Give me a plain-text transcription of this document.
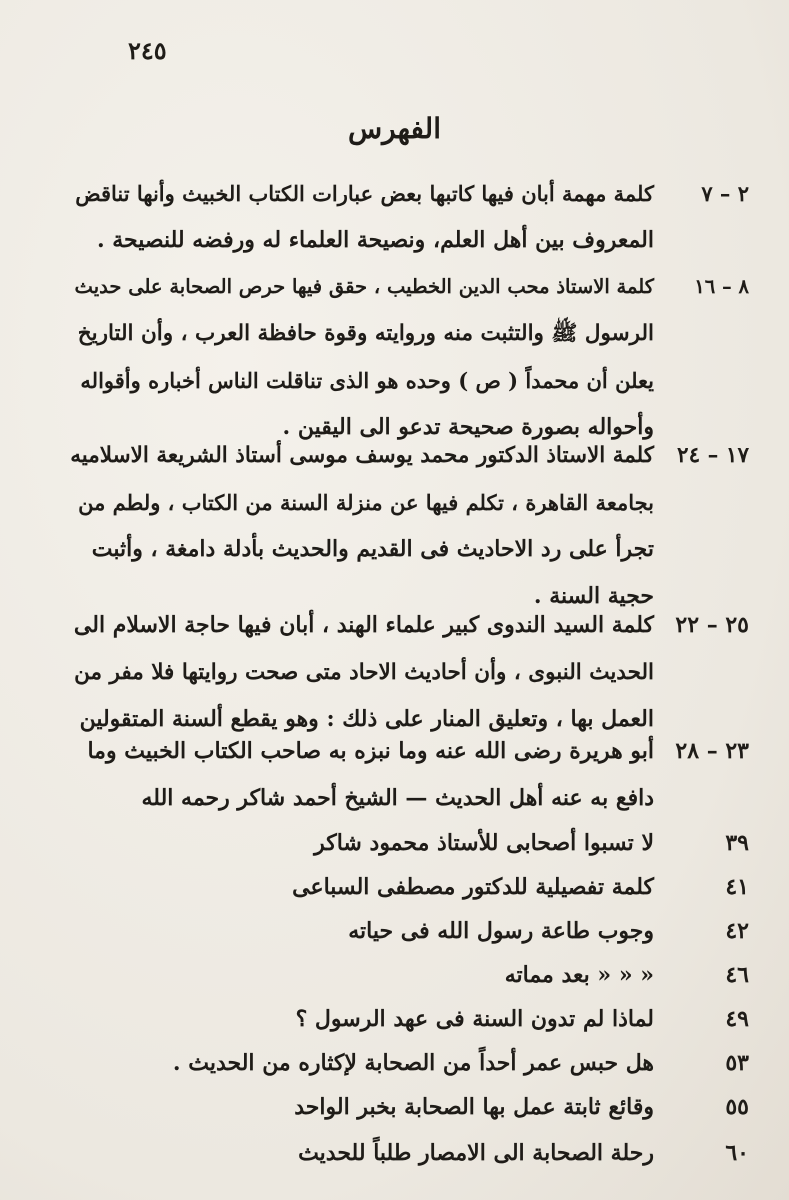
٢٤٥
الفهرس
٢ – ٧كلمة مهمة أبان فيها كاتبها بعض عبارات الكتاب الخبيث وأنها تناقض
المعروف بين أهل العلم، ونصيحة العلماء له ورفضه للنصيحة .
٨ – ١٦كلمة الاستاذ محب الدين الخطيب ، حقق فيها حرص الصحابة على حديث
الرسول ﷺ والتثبت منه وروايته وقوة حافظة العرب ، وأن التاريخ
يعلن أن محمداً ( ص ) وحده هو الذى تناقلت الناس أخباره وأقواله
وأحواله بصورة صحيحة تدعو الى اليقين .
١٧ – ٢٤كلمة الاستاذ الدكتور محمد يوسف موسى أستاذ الشريعة الاسلاميه
بجامعة القاهرة ، تكلم فيها عن منزلة السنة من الكتاب ، ولطم من
تجرأ على رد الاحاديث فى القديم والحديث بأدلة دامغة ، وأثبت
حجية السنة .
٢٥ – ٢٢كلمة السيد الندوى كبير علماء الهند ، أبان فيها حاجة الاسلام الى
الحديث النبوى ، وأن أحاديث الاحاد متى صحت روايتها فلا مفر من
العمل بها ، وتعليق المنار على ذلك : وهو يقطع ألسنة المتقولين
٢٣ – ٢٨أبو هريرة رضى الله عنه وما نبزه به صاحب الكتاب الخبيث وما
دافع به عنه أهل الحديث — الشيخ أحمد شاكر رحمه الله
٣٩لا تسبوا أصحابى للأستاذ محمود شاكر
٤١كلمة تفصيلية للدكتور مصطفى السباعى
٤٢وجوب طاعة رسول الله فى حياته
٤٦« « « بعد مماته
٤٩لماذا لم تدون السنة فى عهد الرسول ؟
٥٣هل حبس عمر أحداً من الصحابة لإكثاره من الحديث .
٥٥وقائع ثابتة عمل بها الصحابة بخبر الواحد
٦٠رحلة الصحابة الى الامصار طلباً للحديث
